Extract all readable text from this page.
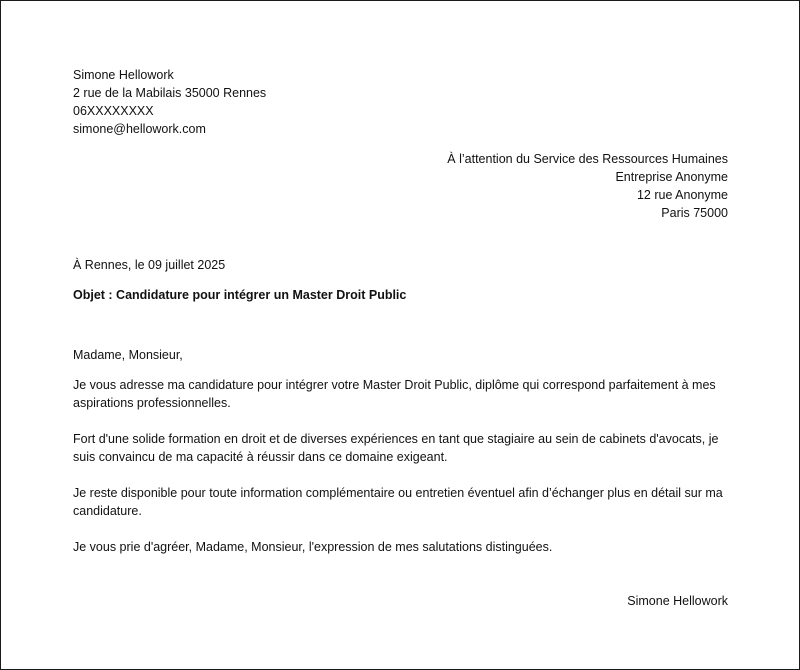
Simone Hellowork

2 rue de la Mabilais 35000 Rennes

06XXXXXXXX

simone@hellowork.com

À l’attention du Service des Ressources Humaines

Entreprise Anonyme

12 rue Anonyme

Paris 75000

À Rennes, le 09 juillet 2025

Objet : Candidature pour intégrer un Master Droit Public

Madame, Monsieur,

Je vous adresse ma candidature pour intégrer votre Master Droit Public, diplôme qui correspond parfaitement à mes aspirations professionnelles.

Fort d'une solide formation en droit et de diverses expériences en tant que stagiaire au sein de cabinets d'avocats, je suis convaincu de ma capacité à réussir dans ce domaine exigeant.

Je reste disponible pour toute information complémentaire ou entretien éventuel afin d’échanger plus en détail sur ma candidature.

Je vous prie d'agréer, Madame, Monsieur, l'expression de mes salutations distinguées.

Simone Hellowork
